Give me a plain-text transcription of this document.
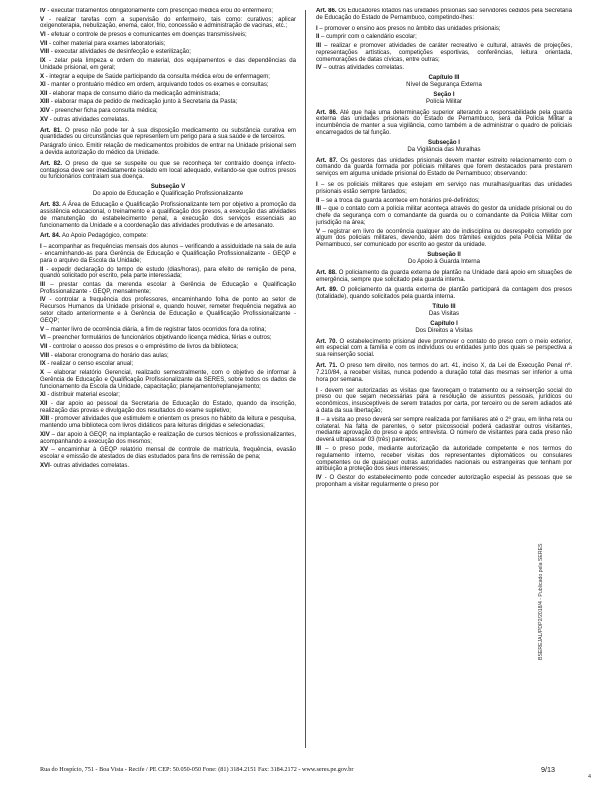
IV - executar tratamentos obrigatoriamente com prescrição médica e/ou do enfermeiro;

V - realizar tarefas com a supervisão do enfermeiro, tais como: curativos; aplicar oxigenoterapia, nebulização, enema, calor, frio, concessão e administração de vacinas, etc.;

VI - efetuar o controle de presos e comunicantes em doenças transmissíveis;

VII - colher material para exames laboratoriais;

VIII - executar atividades de desinfecção e esterilização;

IX - zelar pela limpeza e ordem do material, dos equipamentos e das dependências da Unidade prisional, em geral;

X - integrar a equipe de Saúde participando da consulta médica e/ou de enfermagem;

XI - manter o prontuário médico em ordem, arquivando todos os exames e consultas;

XII - elaborar mapa de consumo diário da medicação administrada;

XIII - elaborar mapa de pedido de medicação junto à Secretaria da Pasta;

XIV - preencher ficha para consulta médica;

XV - outras atividades correlatas.

Art. 81. O preso não pode ter à sua disposição medicamento ou substância curativa em quantidades ou circunstâncias que representem um perigo para a sua saúde e de terceiros.

Parágrafo único. Emitir relação de medicamentos proibidos de entrar na Unidade prisional sem a devida autorização do médico da Unidade.

Art. 82. O preso de que se suspeite ou que se reconheça ter contraído doença infecto-contagiosa deve ser imediatamente isolado em local adequado, evitando-se que outros presos ou funcionários contraiam sua doença.

Subseção V

Do apoio de Educação e Qualificação Profissionalizante

Art. 83. A Área de Educação e Qualificação Profissionalizante tem por objetivo a promoção da assistência educacional, o treinamento e a qualificação dos presos, a execução das atividades de manutenção do estabelecimento penal, a execução dos serviços essenciais ao funcionamento da Unidade e a coordenação das atividades produtivas e de artesanato.

Art. 84. Ao Apoio Pedagógico, compete:

I – acompanhar as frequências mensais dos alunos – verificando a assiduidade na sala de aula - encaminhando-as para Gerência de Educação e Qualificação Profissionalizante - GEQP e para o arquivo da Escola da Unidade;

II - expedir declaração do tempo de estudo (dias/horas), para efeito de remição de pena, quando solicitado por escrito, pela parte interessada;

III – prestar contas da merenda escolar à Gerência de Educação e Qualificação Profissionalizante - GEQP, mensalmente;

IV - controlar a frequência dos professores, encaminhando folha de ponto ao setor de Recursos Humanos da Unidade prisional e, quando houver, remeter frequência negativa ao setor citado anteriormente e à Gerência de Educação e Qualificação Profissionalizante - GEQP;

V – manter livro de ocorrência diária, a fim de registrar fatos ocorridos fora da rotina;

VI – preencher formulários de funcionários objetivando licença médica, férias e outros;

VII - controlar o acesso dos presos e o empréstimo de livros da biblioteca;

VIII - elaborar cronograma do horário das aulas;

IX - realizar o censo escolar anual;

X – elaborar relatório Gerencial, realizado semestralmente, com o objetivo de informar à Gerência de Educação e Qualificação Profissionalizante da SERES, sobre todos os dados de funcionamento da Escola da Unidade, capacitação; planejamento/replanejamento;

XI - distribuir material escolar;

XII - dar apoio ao pessoal da Secretaria de Educação do Estado, quando da inscrição, realização das provas e divulgação dos resultados do exame supletivo;

XIII - promover atividades que estimulem e orientem os presos no hábito da leitura e pesquisa, mantendo uma biblioteca com livros didáticos para leituras dirigidas e selecionadas;

XIV – dar apoio à GEQP, na implantação e realização de cursos técnicos e profissionalizantes, acompanhando a execução dos mesmos;

XV – encaminhar à GEQP relatório mensal de controle de matrícula, frequência, evasão escolar e emissão de atestados de dias estudados para fins de remissão de pena;

XVI- outras atividades correlatas.

Art. 86. Os Educadores lotados nas unidades prisionais são servidores cedidos pela Secretaria de Educação do Estado de Pernambuco, competindo-lhes:

I – promover o ensino aos presos no âmbito das unidades prisionais;

II – cumprir com o calendário escolar;

III – realizar e promover atividades de caráter recreativo e cultural, através de projeções, representações artísticas, competições esportivas, conferências, leitura orientada, comemorações de datas cívicas, entre outras;

IV – outras atividades correlatas.

Capítulo III

Nível de Segurança Externa

Seção I

Polícia Militar

Art. 86. Até que haja uma determinação superior alterando a responsabilidade pela guarda externa das unidades prisionais do Estado de Pernambuco, será da Polícia Militar a incumbência de manter a sua vigilância, como também a de administrar o quadro de policiais encarregados de tal função.

Subseção I

Da Vigilância das Muralhas

Art. 87. Os gestores das unidades prisionais devem manter estreito relacionamento com o comando da guarda formada por policiais militares que forem destacados para prestarem serviços em alguma unidade prisional do Estado de Pernambuco; observando:

I – se os policiais militares que estejam em serviço nas muralhas/guaritas das unidades prisionais estão sempre fardados;

II – se a troca da guarda acontece em horários pré-definidos;

III – que o contato com a polícia militar aconteça através do gestor da unidade prisional ou do chefe da segurança com o comandante da guarda ou o comandante da Polícia Militar com jurisdição na área;

V – registrar em livro de ocorrência qualquer ato de indisciplina ou desrespeito cometido por algum dos policiais militares, devendo, além dos trâmites exigidos pela Polícia Militar de Pernambuco, ser comunicado por escrito ao gestor da unidade.

Subseção II

Do Apoio à Guarda Interna

Art. 88. O policiamento da guarda externa de plantão na Unidade dará apoio em situações de emergência, sempre que solicitado pela guarda interna.

Art. 89. O policiamento da guarda externa de plantão participará da contagem dos presos (totalidade), quando solicitados pela guarda interna.

Título III

Das Visitas

Capítulo I

Dos Direitos a Visitas

Art. 70. O estabelecimento prisional deve promover o contato do preso com o meio exterior, em especial com a família e com os indivíduos ou entidades junto dos quais se perspectiva a sua reinserção social.

Art. 71. O preso tem direito, nos termos do art. 41, inciso X, da Lei de Execução Penal nº. 7.210/84, a receber visitas, nunca podendo a duração total das mesmas ser inferior a uma hora por semana.

I - devem ser autorizadas as visitas que favoreçam o tratamento ou a reinserção social do preso ou que sejam necessárias para a resolução de assuntos pessoais, jurídicos ou econômicos, insusceptíveis de serem tratados por carta, por terceiro ou de serem adiados até à data da sua libertação;

II – a visita ao preso deverá ser sempre realizada por familiares até o 2º grau, em linha reta ou colateral. Na falta de parentes, o setor psicossocial poderá cadastrar outros visitantes, mediante aprovação do preso e após entrevista. O número de visitantes para cada preso não deverá ultrapassar 03 (três) parentes;

III – o preso pode, mediante autorização da autoridade competente e nos termos do regulamento interno, receber visitas dos representantes diplomáticos ou consulares competentes ou de quaisquer outras autoridades nacionais ou estrangeiras que tenham por atribuição a proteção dos seus interesses;

IV - O Gestor do estabelecimento pode conceder autorização especial às pessoas que se proponham a visitar regularmente o preso por

Rua do Hospício, 751 - Boa Vista - Recife / PE CEP: 50.050-050 Fone: (81) 3184.2151 Fax: 3184.2172 - www.seres.pe.gov.br	9/13
BSEREJAL/PDP2/2018/4 - Publicado pela SERES
4
